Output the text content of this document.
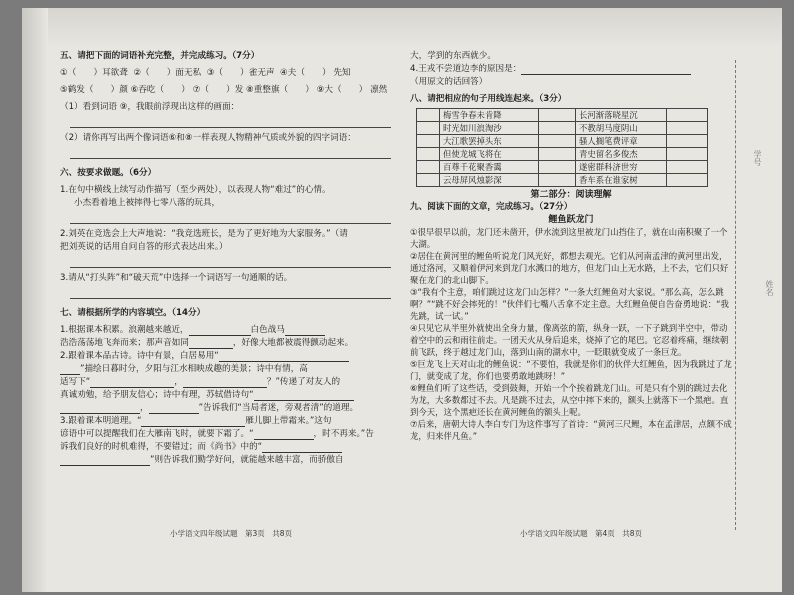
五、请把下面的词语补充完整，并完成练习。（7分）
①（　　）耳欲聋 ②（　　）面无私 ③（　　）雀无声 ④夫（　　） 先知
⑤鹤发（　　）颜 ⑥吞吃（　　） ⑦（　　）发 ⑧重整旗（　　） ⑨大（　　） 凛然
（1）看到词语 ⑨，我眼前浮现出这样的画面：
（2）请你再写出两个像词语⑥和⑧一样表现人物精神气质或外貌的四字词语：
六、按要求做题。（6分）
1.在句中横线上续写动作描写（至少两处），以表现人物“难过”的心情。
小杰看着地上被摔得七零八落的玩具，
2.刘英在竞选会上大声地说：“我竞选班长，是为了更好地为大家服务。”（请
把刘英说的话用自问自答的形式表达出来。）
3.请从“打头阵”和“破天荒”中选择一个词语写一句通顺的话。
七、请根据所学的内容填空。（14分）
1.根据课本积累。浪潮越来越近，	白色战马
浩浩荡荡地飞奔而来；那声音如同	，好像大地都被震得颤动起来。
2.跟着课本品古诗。诗中有景，白居易用“
”描绘日暮时分，夕阳与江水相映成趣的美景；诗中有情，高
适写下“	，	？”传递了对友人的
真诚劝勉，给予朋友信心；诗中有理，苏轼借诗句“
，	”告诉我们“当局者迷，旁观者清”的道理。
3.跟着课本明道理。“	雁儿脚上带霜来。”这句
谚语中可以提醒我们在大雁南飞时，就要下霜了。“	，时不再来。”告
诉我们良好的时机难得，不要错过；而《尚书》中的“
”则告诉我们勤学好问，就能越来越丰富，而骄傲自
小学语文四年级试题　第3页　共8页
大，学到的东西就少。
4.王戎不尝道边李的原因是：
（用原文的话回答）
八、请把相应的句子用线连起来。（3分）
	梅雪争春未肯降		长河渐落晓星沉	
	时光如川浪淘沙		不教胡马度阴山	
	大江歌罢掉头东		骚人搁笔费评章	
	但使龙城飞将在		青史留名多俊杰	
	百尊千花聚香霭		遂密群科济世穷	
	云母屏风烛影深		香车系在谁家树	
第二部分：阅读理解
九、阅读下面的文章，完成练习。（27分）
鲤鱼跃龙门
①很早很早以前，龙门还未凿开，伊水流到这里被龙门山挡住了，就在山南积聚了一个大湖。
②居住在黄河里的鲤鱼听说龙门风光好，都想去观光。它们从河南孟津的黄河里出发，通过洛河，又顺着伊河来到龙门水溅口的地方，但龙门山上无水路，上不去，它们只好聚在龙门的北山脚下。
③“我有个主意，咱们跳过这龙门山怎样？”一条大红鲤鱼对大家说。“那么高，怎么跳啊？”“跳不好会摔死的！”伙伴们七嘴八舌拿不定主意。大红鲤鱼便自告奋勇地说：“我先跳，试一试。”
④只见它从半里外就使出全身力量，像离弦的箭，纵身一跃，一下子跳到半空中，带动着空中的云和雨往前走。一团天火从身后追来，烧掉了它的尾巴。它忍着疼痛，继续朝前飞跃，终于越过龙门山，落到山南的湖水中，一眨眼就变成了一条巨龙。
⑤巨龙飞上天对山北的鲤鱼说：“不要怕，我就是你们的伙伴大红鲤鱼，因为我跳过了龙门，就变成了龙，你们也要勇敢地跳呀！”
⑥鲤鱼们听了这些话，受到鼓舞，开始一个个挨着跳龙门山。可是只有个别的跳过去化为龙，大多数都过不去。凡是跳不过去，从空中摔下来的，额头上就落下一个黑疤。直到今天，这个黑疤还长在黄河鲤鱼的额头上呢。
⑦后来，唐朝大诗人李白专门为这件事写了首诗：“黄河三尺鲤，本在孟津居，点额不成龙，归来伴凡鱼。”
小学语文四年级试题　第4页　共8页
学号
姓名
